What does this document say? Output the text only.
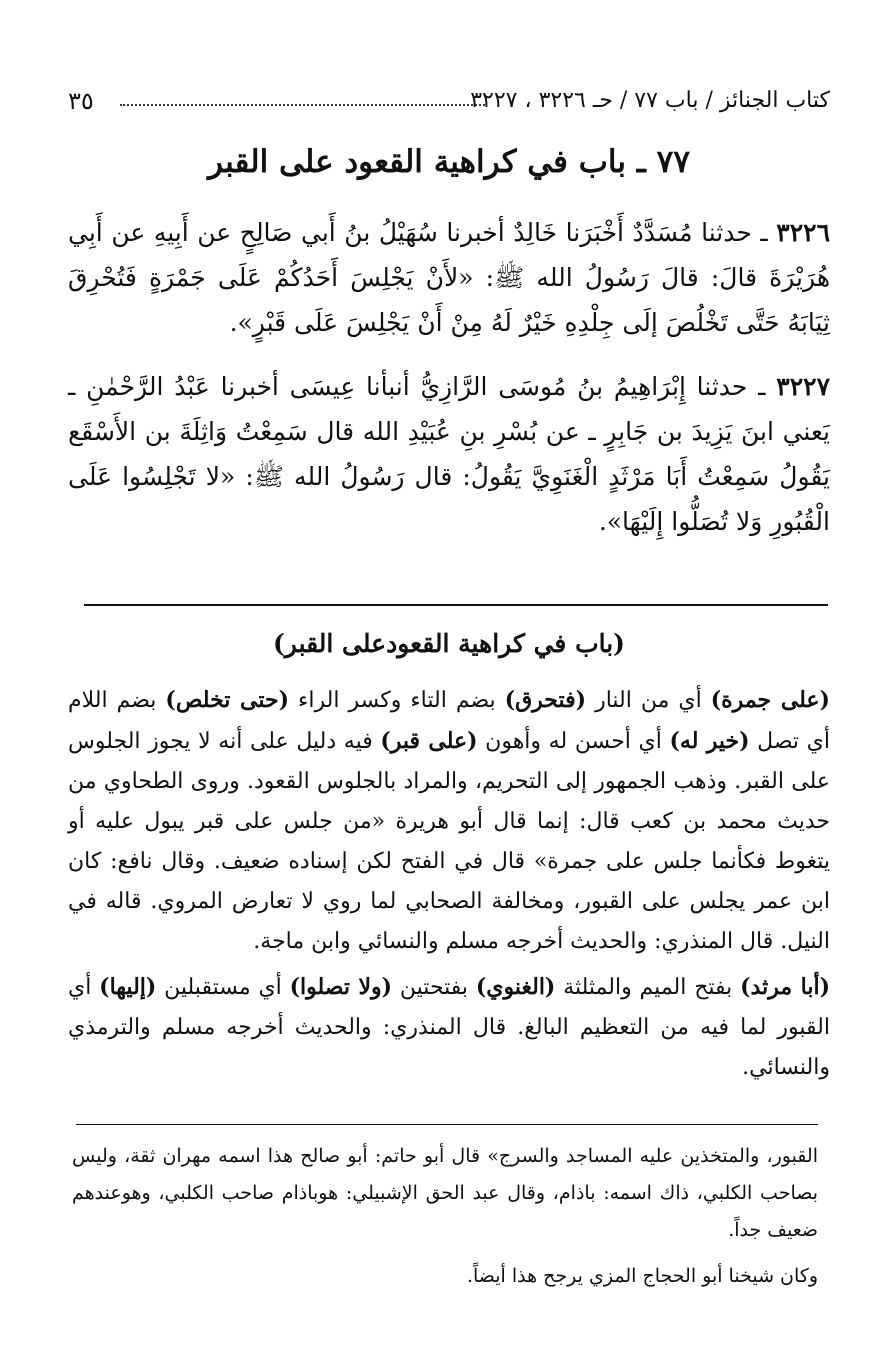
كتاب الجنائز / باب ٧٧ / حـ ٣٢٢٦ ، ٣٢٢٧
٣٥
٧٧ ـ باب في كراهية القعود على القبر
٣٢٢٦ ـ حدثنا مُسَدَّدٌ أَخْبَرَنا خَالِدٌ أخبرنا سُهَيْلُ بنُ أَبي صَالِحٍ عن أَبِيهِ عن أَبِي هُرَيْرَةَ قالَ: قالَ رَسُولُ الله ﷺ: «لأَنْ يَجْلِسَ أَحَدُكُمْ عَلَى جَمْرَةٍ فَتُحْرِقَ ثِيَابَهُ حَتَّى تَخْلُصَ إلَى جِلْدِهِ خَيْرٌ لَهُ مِنْ أَنْ يَجْلِسَ عَلَى قَبْرٍ».
٣٢٢٧ ـ حدثنا إِبْرَاهِيمُ بنُ مُوسَى الرَّازِيُّ أنبأنا عِيسَى أخبرنا عَبْدُ الرَّحْمٰنِ ـ يَعني ابنَ يَزِيدَ بن جَابِرٍ ـ عن بُسْرِ بنِ عُبَيْدِ الله قال سَمِعْتُ وَاثِلَةَ بن الأَسْقَع يَقُولُ سَمِعْتُ أَبَا مَرْثَدٍ الْغَنَوِيَّ يَقُولُ: قال رَسُولُ الله ﷺ: «لا تَجْلِسُوا عَلَى الْقُبُورِ وَلا تُصَلُّوا إِلَيْهَا».
(باب في كراهية القعودعلى القبر)
(على جمرة) أي من النار (فتحرق) بضم التاء وكسر الراء (حتى تخلص) بضم اللام أي تصل (خير له) أي أحسن له وأهون (على قبر) فيه دليل على أنه لا يجوز الجلوس على القبر. وذهب الجمهور إلى التحريم، والمراد بالجلوس القعود. وروى الطحاوي من حديث محمد بن كعب قال: إنما قال أبو هريرة «من جلس على قبر يبول عليه أو يتغوط فكأنما جلس على جمرة» قال في الفتح لكن إسناده ضعيف. وقال نافع: كان ابن عمر يجلس على القبور، ومخالفة الصحابي لما روي لا تعارض المروي. قاله في النيل. قال المنذري: والحديث أخرجه مسلم والنسائي وابن ماجة.
(أبا مرثد) بفتح الميم والمثلثة (الغنوي) بفتحتين (ولا تصلوا) أي مستقبلين (إليها) أي القبور لما فيه من التعظيم البالغ. قال المنذري: والحديث أخرجه مسلم والترمذي والنسائي.
القبور، والمتخذين عليه المساجد والسرج» قال أبو حاتم: أبو صالح هذا اسمه مهران ثقة، وليس بصاحب الكلبي، ذاك اسمه: باذام، وقال عبد الحق الإشبيلي: هوباذام صاحب الكلبي، وهوعندهم ضعيف جداً.
وكان شيخنا أبو الحجاج المزي يرجح هذا أيضاً.
